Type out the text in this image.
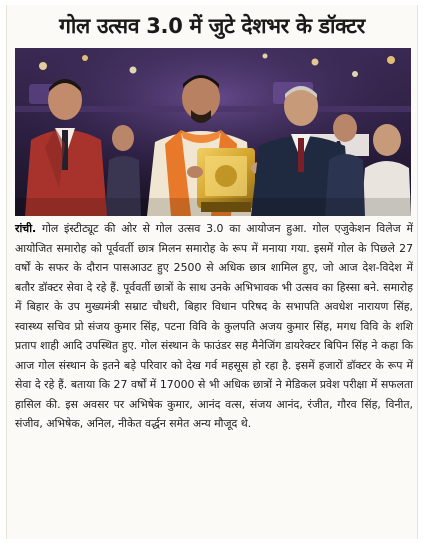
गोल उत्सव 3.0 में जुटे देशभर के डॉक्टर

रांची. गोल इंस्टीट्यूट की ओर से गोल उत्सव 3.0 का आयोजन हुआ. गोल एजुकेशन विलेज में आयोजित समारोह को पूर्ववर्ती छात्र मिलन समारोह के रूप में मनाया गया. इसमें गोल के पिछले 27 वर्षों के सफर के दौरान पासआउट हुए 2500 से अधिक छात्र शामिल हुए, जो आज देश-विदेश में बतौर डॉक्टर सेवा दे रहे हैं. पूर्ववर्ती छात्रों के साथ उनके अभिभावक भी उत्सव का हिस्सा बने. समारोह में बिहार के उप मुख्यमंत्री सम्राट चौधरी, बिहार विधान परिषद के सभापति अवधेश नारायण सिंह, स्वास्थ्य सचिव प्रो संजय कुमार सिंह, पटना विवि के कुलपति अजय कुमार सिंह, मगध विवि के शशि प्रताप शाही आदि उपस्थित हुए. गोल संस्थान के फाउंडर सह मैनेजिंग डायरेक्टर बिपिन सिंह ने कहा कि आज गोल संस्थान के इतने बड़े परिवार को देख गर्व महसूस हो रहा है. इसमें हजारों डॉक्टर के रूप में सेवा दे रहे हैं. बताया कि 27 वर्षों में 17000 से भी अधिक छात्रों ने मेडिकल प्रवेश परीक्षा में सफलता हासिल की. इस अवसर पर अभिषेक कुमार, आनंद वत्स, संजय आनंद, रंजीत, गौरव सिंह, विनीत, संजीव, अभिषेक, अनिल, नीकेत वर्द्धन समेत अन्य मौजूद थे.
